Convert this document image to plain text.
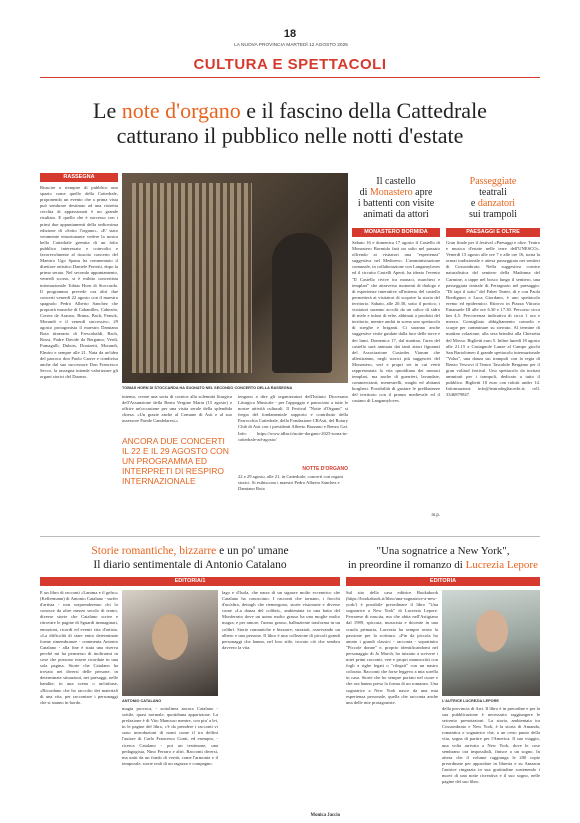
18
LA NUOVA PROVINCIA MARTEDÌ 12 AGOSTO 2025
CULTURA E SPETTACOLI
Le note d'organo e il fascino della Cattedrale
catturano il pubblico nelle notti d'estate
RASSEGNA
Riuscire a riempire di pubblico uno spazio come quello della Cattedrale, proponendo un evento che a prima vista può sembrare destinato ad una ristretta cerchia di appassionati è un grande risultato. E quello che è successo con i primi due appuntamenti della sedicesima edizione di «Sotto l'organo». «E' stato veramente emozionante vedere la nostra bella Cattedrale gremita di un folto pubblico interessato e coinvolto e favorevolmente al riuscito concerto del Maestro Ugo Spanu ha commentato il direttore artistico Daniele Ferretti, dopo la prima serata. Nel secondo appuntamento, venerdì scorso, si è esibito concertista internazionale Tobias Horn di Stoccarda. Il programma prevede ora altri due concerti venerdì 22 agosto con il maestro spagnolo Pedro Alberto Sanchez che proporrà musiche di Cabanilles, Cabezón, Correa de Arauxo, Bruna, Bach, Franck, Morandi e il venerdì successivo, 29 agosto protagonista il maestro Damiano Rota itinerario di Frescobaldi, Bach, Rossi, Padre Davide da Bergamo, Verdi, Fumagalli, Dubois, Donizetti, Morandi, Elmiro e sempre alle 21. Nata da un'idea del parroco don Paolo Carrer e condivisa anche dal suo successore Don Francesco Secco, la rassegna intende valorizzare gli organi storici del Duomo.
TOBIAS HORN DI STOCCARDA HA SUONATO NEL SECONDO CONCERTO DELLA RASSEGNA
intenso, creare una sorta di cornice alla solennità liturgica dell'Assunzione della Beata Vergine Maria (15 agosto) e offrire un'occasione per una visita serale della splendida chiesa. «Un grazie anche al Comune di Asti e al suo assessore Paride Candelaresi,»
ANCORA DUE CONCERTI IL 22 E IL 29 AGOSTO CON UN PROGRAMMA ED INTERPRETI DI RESPIRO INTERNAZIONALE
tengono a dire gli organizzatori dell'Istituto Diocesano Liturgico Musicale - per l'appoggio e patrocinio a tutte le nostre attività culturali. Il Festival "Notte d'Organo" si fregia del fondamentale supporto e contributo della Parrocchia Cattedrale, della Fondazione CRAsti, del Rotary Club di Asti con i presidenti Alberto Bazzano e Renzo Gai. Info: https://www.idlm.it/notte-dorgano-2025-torna-in-cattedrale-ad-agosto/
NOTTE D'ORGANO
22 e 29 agosto, alle 21, in Cattedrale, concerti con organi storici. Si esibiscono i maestri Pedro Alberto Sanchez e Damiano Rota
Il castello
di Monastero apre
i battenti con visite
animati da attori
MONASTERO BORMIDA
Sabato 16 e domenica 17 agosto il Castello di Monastero Bormida farà un salto nel passato offrendo ai visitatori una "esperienza" suggestiva nel Medioevo. L'amministrazione comunale, in collaborazione con Langamyloves ed il circuito Castelli Aperti, ha ideato l'evento "Il Castello rivive tra monaci, marchesi e templari" che attraverso momenti di dialogo e di esperienze interattive all'interno del castello permetterà ai visitatori di scoprire la storia del territorio. Sabato, alle 20.30, sotto il portico, i visitatori saranno accolti da un calice di sidro di mele e infusi di erbe, abbinati a prodotti del territorio, mentre andrà in scena uno spettacolo di streghe e briganti. Ci saranno anche suggestive visite guidate dalla luce delle torce e dei lumi. Domenica 17, dal mattino, l'area del castello sarà animata dai tanti attori figuranti del Associazione Custodes Viarum che allestiranno, negli storici più suggestivi del Monastero, veri e propri set in cui verrà rappresentata la vita quotidiana dei monaci templari, ma anche di guerrieri, lavandaie, commercianti, menestrelli, maghi ed abitanti borghesi. Possibilità di gustare le prelibatezze del territorio con il pranzo medievale ed il castano di Langamyloves.
m.p.
Passeggiate
teatrali
e danzatori
sui trampoli
PAESAGGI E OLTRE
Gran finale per il festival «Paesaggi e oltre. Teatro e musica d'estate nelle terre dell'UNESCO». Venerdì 15 agosto alle ore 7 e alle ore 16, torna la ormai tradizionale e attesa passeggiata nei sentieri di Cossombrato. Nella suggestiva cornice naturalistica del sentiero della Madonna del Carmine, a tappe nel bosco lungo il sentiero, una passeggiata teatrale di Fertagnoto nel paesaggio. "Di tapi il sotto" del Faber Teater, di e con Paola Bordignon e Luca Giordano, è uno spettacolo eremo ed epidermico. Ritrovo in Piazza Vittorio Emanuele III alle ore 6.30 e 17.30. Percorso circa km 4,5. Percorrenza indicativa di circa 1 ora e mezza. Consigliato abbigliamento comodo e scarpe per camminare su sterrato. Al termine di mattino colazione, alla sera brindisi alla Chiesetta del Mosso. Biglietti euro 5. Infine lunedì 18 agosto alle 21.15 a Castagnole Lanze al Campo giochi San Bartolomeo il grande spettacolo internazionale "Volus", una danza sui trampoli con la regia di Renzo Vescovi il Teatro Tascabile Bergamo per il gran volitud festival. Uno spettacolo da invitati ammirati per i trampoli, dedicato a tutto il pubblico. Biglietti 10 euro con ridotti under 14. Informazioni: info@teatrodegliacerbi.it; cell. 3346879847.
Storie romantiche, bizzarre e un po' umane
Il diario sentimentale di Antonio Catalano
EDITORIA/1
E un libro di racconti «Lanima e il gelso» (Kellermann) di Antonio Catalano - surfer d'artista - non sorprenderemo chi lo conosce da oltre mezzo secolo di teatro, diverse storie che Catalano scrive e ritrovare le pagine di Sguardi immaginari, emozioni, ricordi ed eventi vita d'artista. «La difficoltà di stare entro determinate forme rimembranze - commenta Antonio Catalano - alla fine è stata una riserva perché mi ha permesso di inoltrarmi in cose che possono essere ricordate in una sola pagina. Storie che Catalano ha trovato nei diversi delle persone, in determinate situazioni, nei paesaggi, nelle bandite, in una scena o un'infrase, «Ricordano che ho raccolto dei materiali di una vita, per raccontare i personaggi che si stanno in bordo.	ANTONIO CATALANO
magia provoca, - sottolinea ancora Catalano - sottile, quasi normale, quotidiana apparizione. La prefazione è di Vito Mancuso mentre, con piu' a lei, in le pagine del libro, c'è da prendere i racconti vi sono introduzioni di nomi come il tra delfini l'autore di Carlo Francesco Conti, ed esempio, - ricerca Catalano - poi un testimone, una pedagogista, Nino Ferraro e altri. Racconti diversi, ma uniti da un fondo di verità, come l'armonia e il temporale, storie reali di un ragazzo e compagno.
lago e d'Isola, che narra di un signore molto eccentrico che Catalano ha conosciuto. I racconti che tornano, i fiocchi d'un'altra, dettagli che riemergono, storie visionarie e diverse come «La danza del colibrì», ambientata in una baita del Monferrato dove un uomo molto grasso ha una moglie molto magra, e per amore, l'uomo grasso, balbuziente trasforma in un colibrì. Storie romantiche e bizzarre, straziati, osservando un albero e una persona. Il libro è una collezione di piccoli grandi personaggi che hanno, nel loro stile, trovato ciò che sembra davvero la vita.
Monica Jaccio
"Una sognatrice a New York",
in preordine il romanzo di Lucrezia Lepore
EDITORIA
Sul sito della casa editrice Bookabook (https://bookabook.it/libro/una-sognatrice-a-new-york/) è possibile preordinare il libro "Una sognatrice a New York" di Lucrezia Lepore. Ferrarese di nascita, ma che abita nell'Astigiano dal 1989, spiccata, musicista e docente in una scuola primaria, Lucrezia ha sempre avuto la passione per la scrittura. «Fin da piccola ho amato i grandi classici - racconta - soprattutto "Piccole donne" e, proprio identificandomi nel personaggio di Jo March, ho iniziato a scrivere i miei primi racconti, veri e propri manoscritti con fogli a righe legati o "rilegati" con un nastro colorato. Racconti che forse leggevo a mia sorella in casa. Storie che ho sempre portato nel cuore e che ora hanno preso la forma di un romanzo. Una sognatrice a New York nasce da una mia esperienza personale, quella che racconta anche una delle mie protagoniste.	L'AUTRICE LUCREZIA LEPORE
della provincia di Asti. Il libro è in preordine e per la sua pubblicazione è necessario raggiungere le seicento prenotazioni. La storia, ambientata tra Cossombrato e New York, è la storia di Amanda, romantica e sognatrice che, a un certo punto della vita, sogna di partire per l'America. Il suo viaggio, una volta arrivata a New York, dove le cose sembrano ora impossibili, finisce a un sogno. In attesa che il volume raggiunga le 200 copie preordinate per approdare in libreria e su Amazon l'autrice ringrazia in sua gratitudine sostenendo i nuovi di una notte ricreativa e il suo sogno, nelle pagine del suo libro.
